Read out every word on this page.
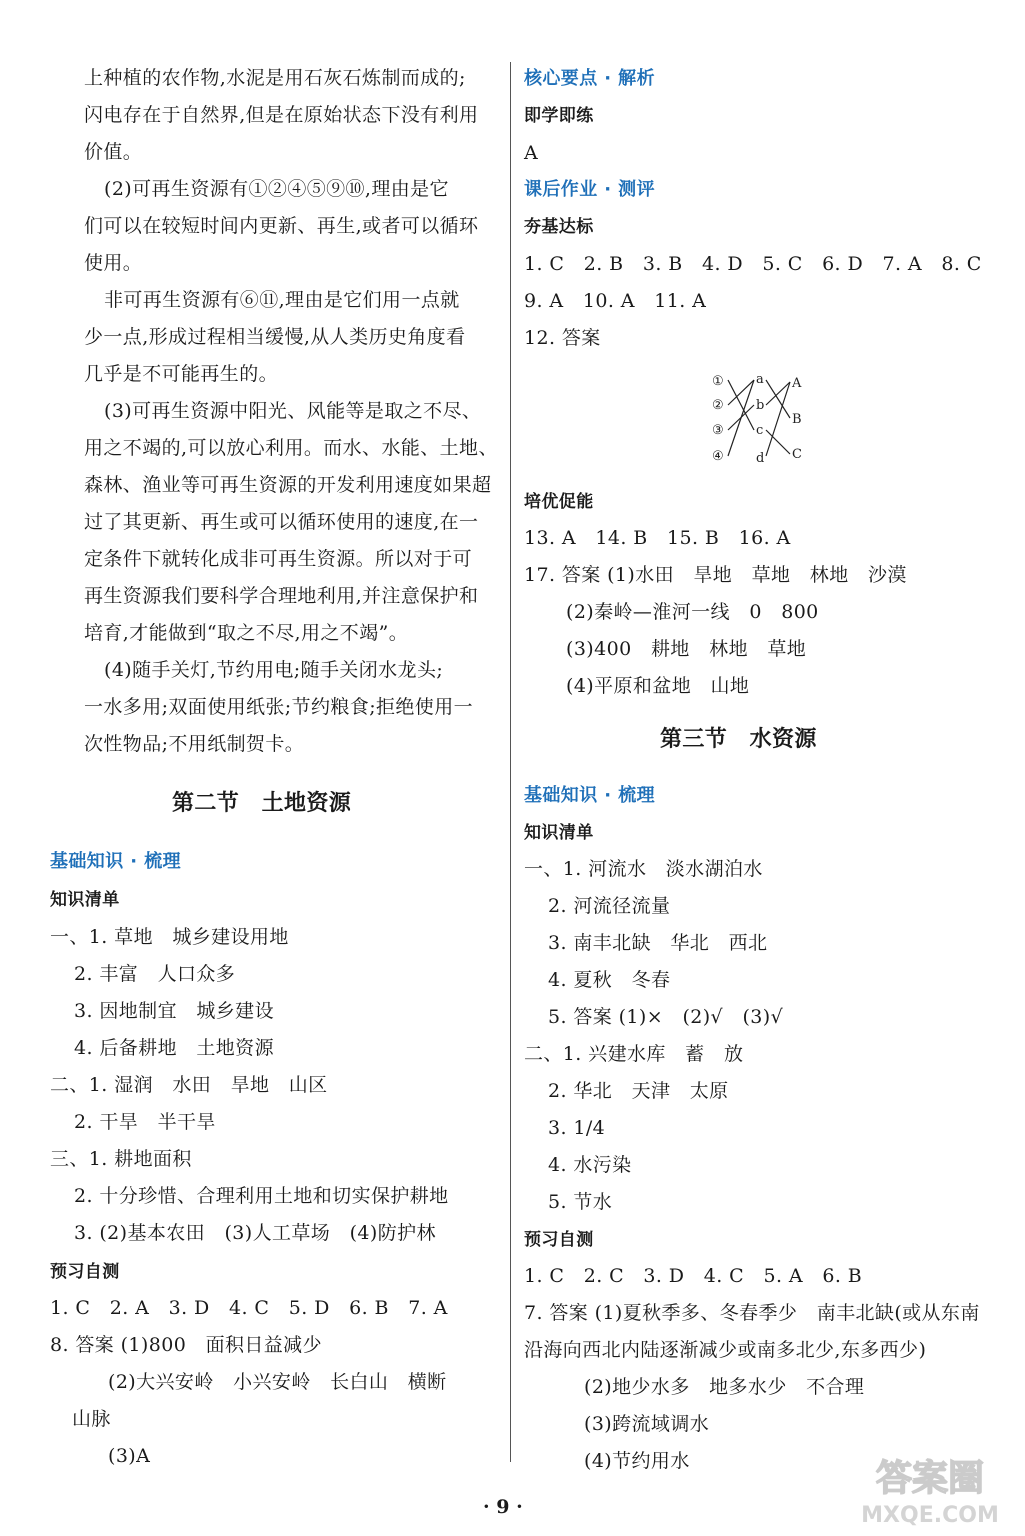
上种植的农作物,水泥是用石灰石炼制而成的;
闪电存在于自然界,但是在原始状态下没有利用
价值。
(2)可再生资源有①②④⑤⑨⑩,理由是它
们可以在较短时间内更新、再生,或者可以循环
使用。
非可再生资源有⑥⑪,理由是它们用一点就
少一点,形成过程相当缓慢,从人类历史角度看
几乎是不可能再生的。
(3)可再生资源中阳光、风能等是取之不尽、
用之不竭的,可以放心利用。而水、水能、土地、
森林、渔业等可再生资源的开发利用速度如果超
过了其更新、再生或可以循环使用的速度,在一
定条件下就转化成非可再生资源。所以对于可
再生资源我们要科学合理地利用,并注意保护和
培育,才能做到“取之不尽,用之不竭”。
(4)随手关灯,节约用电;随手关闭水龙头;
一水多用;双面使用纸张;节约粮食;拒绝使用一
次性物品;不用纸制贺卡。
第二节　土地资源
基础知识 · 梳理
知识清单
一、1. 草地　城乡建设用地
2. 丰富　人口众多
3. 因地制宜　城乡建设
4. 后备耕地　土地资源
二、1. 湿润　水田　旱地　山区
2. 干旱　半干旱
三、1. 耕地面积
2. 十分珍惜、合理利用土地和切实保护耕地
3. (2)基本农田　(3)人工草场　(4)防护林
预习自测
1. C　2. A　3. D　4. C　5. D　6. B　7. A
8. 答案 (1)800　面积日益减少
(2)大兴安岭　小兴安岭　长白山　横断
山脉
(3)A
核心要点 · 解析
即学即练
A
课后作业 · 测评
夯基达标
1. C　2. B　3. B　4. D　5. C　6. D　7. A　8. C
9. A　10. A　11. A
12. 答案
①
②
③
④
a
b
c
d
A
B
C
培优促能
13. A　14. B　15. B　16. A
17. 答案 (1)水田　旱地　草地　林地　沙漠
(2)秦岭—淮河一线　0　800
(3)400　耕地　林地　草地
(4)平原和盆地　山地
第三节　水资源
基础知识 · 梳理
知识清单
一、1. 河流水　淡水湖泊水
2. 河流径流量
3. 南丰北缺　华北　西北
4. 夏秋　冬春
5. 答案 (1)×　(2)√　(3)√
二、1. 兴建水库　蓄　放
2. 华北　天津　太原
3. 1/4
4. 水污染
5. 节水
预习自测
1. C　2. C　3. D　4. C　5. A　6. B
7. 答案 (1)夏秋季多、冬春季少　南丰北缺(或从东南
沿海向西北内陆逐渐减少或南多北少,东多西少)
(2)地少水多　地多水少　不合理
(3)跨流域调水
(4)节约用水
· 9 ·
答案圈
MXQE.COM
